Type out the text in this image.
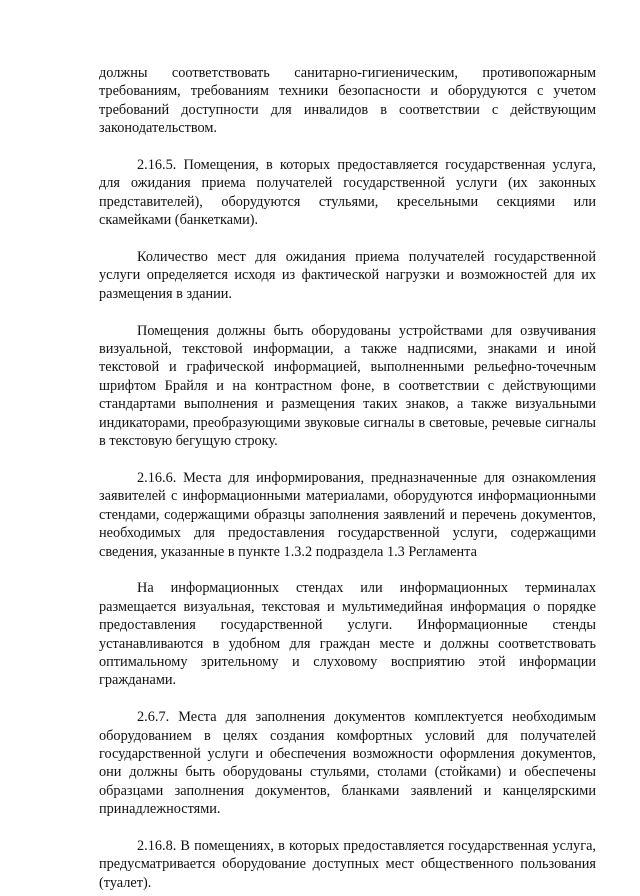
должны соответствовать санитарно-гигиеническим, противопожарным требованиям, требованиям техники безопасности и оборудуются с учетом требований доступности для инвалидов в соответствии с действующим законодательством.

2.16.5. Помещения, в которых предоставляется государственная услуга, для ожидания приема получателей государственной услуги (их законных представителей), оборудуются стульями, кресельными секциями или скамейками (банкетками).

Количество мест для ожидания приема получателей государственной услуги определяется исходя из фактической нагрузки и возможностей для их размещения в здании.

Помещения должны быть оборудованы устройствами для озвучивания визуальной, текстовой информации, а также надписями, знаками и иной текстовой и графической информацией, выполненными рельефно-точечным шрифтом Брайля и на контрастном фоне, в соответствии с действующими стандартами выполнения и размещения таких знаков, а также визуальными индикаторами, преобразующими звуковые сигналы в световые, речевые сигналы в текстовую бегущую строку.

2.16.6. Места для информирования, предназначенные для ознакомления заявителей с информационными материалами, оборудуются информационными стендами, содержащими образцы заполнения заявлений и перечень документов, необходимых для предоставления государственной услуги, содержащими сведения, указанные в пункте 1.3.2 подраздела 1.3 Регламента

На информационных стендах или информационных терминалах размещается визуальная, текстовая и мультимедийная информация о порядке предоставления государственной услуги. Информационные стенды устанавливаются в удобном для граждан месте и должны соответствовать оптимальному зрительному и слуховому восприятию этой информации гражданами.

2.6.7. Места для заполнения документов комплектуется необходимым оборудованием в целях создания комфортных условий для получателей государственной услуги и обеспечения возможности оформления документов, они должны быть оборудованы стульями, столами (стойками) и обеспечены образцами заполнения документов, бланками заявлений и канцелярскими принадлежностями.

2.16.8. В помещениях, в которых предоставляется государственная услуга, предусматривается оборудование доступных мест общественного пользования (туалет).
